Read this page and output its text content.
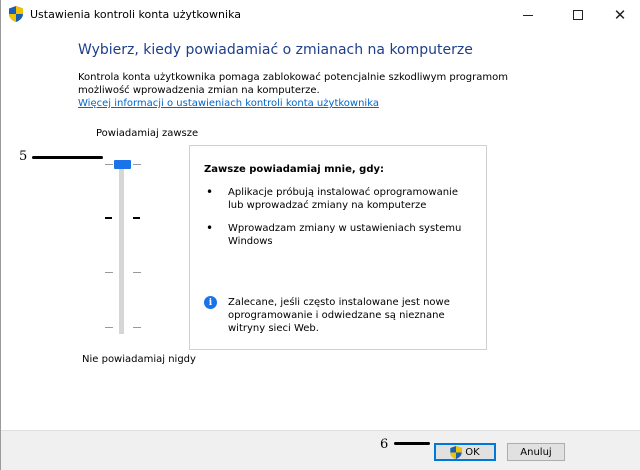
Ustawienia kontroli konta użytkownika	✕
Wybierz, kiedy powiadamiać o zmianach na komputerze
Kontrola konta użytkownika pomaga zablokować potencjalnie szkodliwym programom możliwość wprowadzenia zmian na komputerze.
Więcej informacji o ustawieniach kontroli konta użytkownika
Powiadamiaj zawsze
Nie powiadamiaj nigdy
5
Zawsze powiadamiaj mnie, gdy:
• Aplikacje próbują instalować oprogramowanie lub wprowadzać zmiany na komputerze
• Wprowadzam zmiany w ustawieniach systemu Windows
i	Zalecane, jeśli często instalowane jest nowe oprogramowanie i odwiedzane są nieznane witryny sieci Web.
6	OK	Anuluj
